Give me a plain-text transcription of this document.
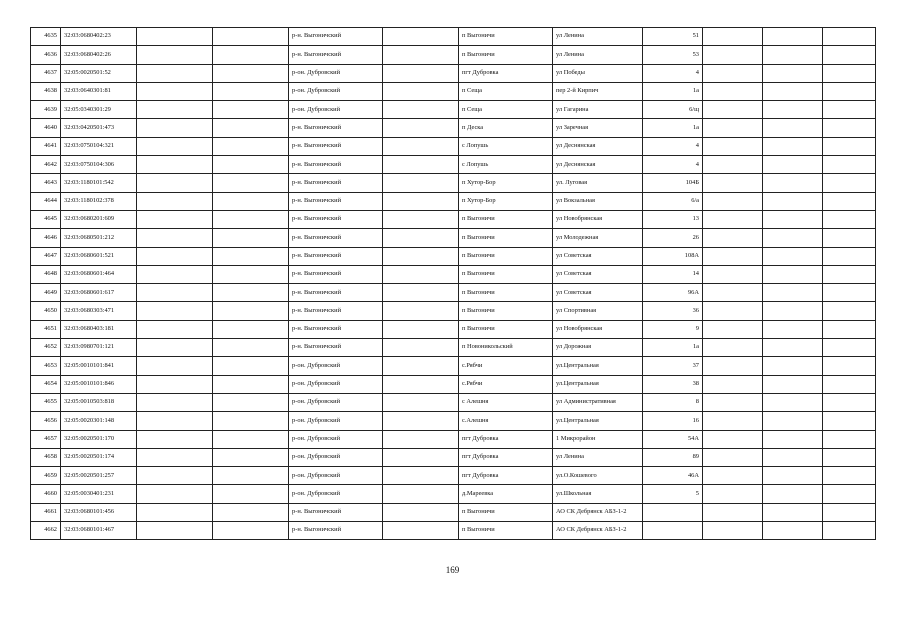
4635	32:03:0680402:23			р-н. Выгоничский		п Выгоничи	ул Ленина	51			
4636	32:03:0680402:26			р-н. Выгоничский		п Выгоничи	ул Ленина	53			
4637	32:05:0020501:52			р-он. Дубровский		пгт Дубровка	ул Победы	4			
4638	32:03:0640301:81			р-он. Дубровский		п Сеща	пер 2-й Кирпич	1а			
4639	32:05:0340301:29			р-он. Дубровский		п Сеща	ул Гагарина	6/щ			
4640	32:03:0420501:473			р-н. Выгоничский		п Деска	ул Заречная	1а			
4641	32:03:0750104:321			р-н. Выгоничский		с Лопушь	ул Деснянская	4			
4642	32:03:0750104:306			р-н. Выгоничский		с Лопушь	ул Деснянская	4			
4643	32:03:1180101:542			р-н. Выгоничский		п Хутор-Бор	ул. Луговая	104Б			
4644	32:03:1180102:378			р-н. Выгоничский		п Хутор-Бор	ул Вокзальная	6/а			
4645	32:03:0680201:609			р-н. Выгоничский		п Выгоничи	ул Новобрянская	13			
4646	32:03:0680501:212			р-н. Выгоничский		п Выгоничи	ул Молодежная	26			
4647	32:03:0680601:521			р-н. Выгоничский		п Выгоничи	ул Советская	108А			
4648	32:03:0680601:464			р-н. Выгоничский		п Выгоничи	ул Советская	14			
4649	32:03:0680601:617			р-н. Выгоничский		п Выгоничи	ул Советская	96А			
4650	32:03:0680303:471			р-н. Выгоничский		п Выгоничи	ул Спортивная	36			
4651	32:03:0680403:181			р-н. Выгоничский		п Выгоничи	ул Новобрянская	9			
4652	32:03:0980701:121			р-н. Выгоничский		п Новоникольский	ул Дорожная	1а			
4653	32:05:0010101:841			р-он. Дубровский		с.Рябчи	ул.Центральная	37			
4654	32:05:0010101:846			р-он. Дубровский		с.Рябчи	ул.Центральная	38			
4655	32:05:0010503:818			р-он. Дубровский		с Алешня	ул Административная	8			
4656	32:05:0020301:148			р-он. Дубровский		с.Алешня	ул.Центральная	16			
4657	32:05:0020501:170			р-он. Дубровский		пгт Дубровка	1 Микрорайон	54А			
4658	32:05:0020501:174			р-он. Дубровский		пгт Дубровка	ул Ленина	89			
4659	32:05:0020501:257			р-он. Дубровский		пгт Дубровка	ул.О.Кошевого	46А			
4660	32:05:0030401:231			р-он. Дубровский		д.Мареевка	ул.Школьная	5			
4661	32:03:0680101:456			р-н. Выгоничский		п Выгоничи	АО СК Дебрянск АБЗ-1-2				
4662	32:03:0680101:467			р-н. Выгоничский		п Выгоничи	АО СК Дебрянск АБЗ-1-2				
169
